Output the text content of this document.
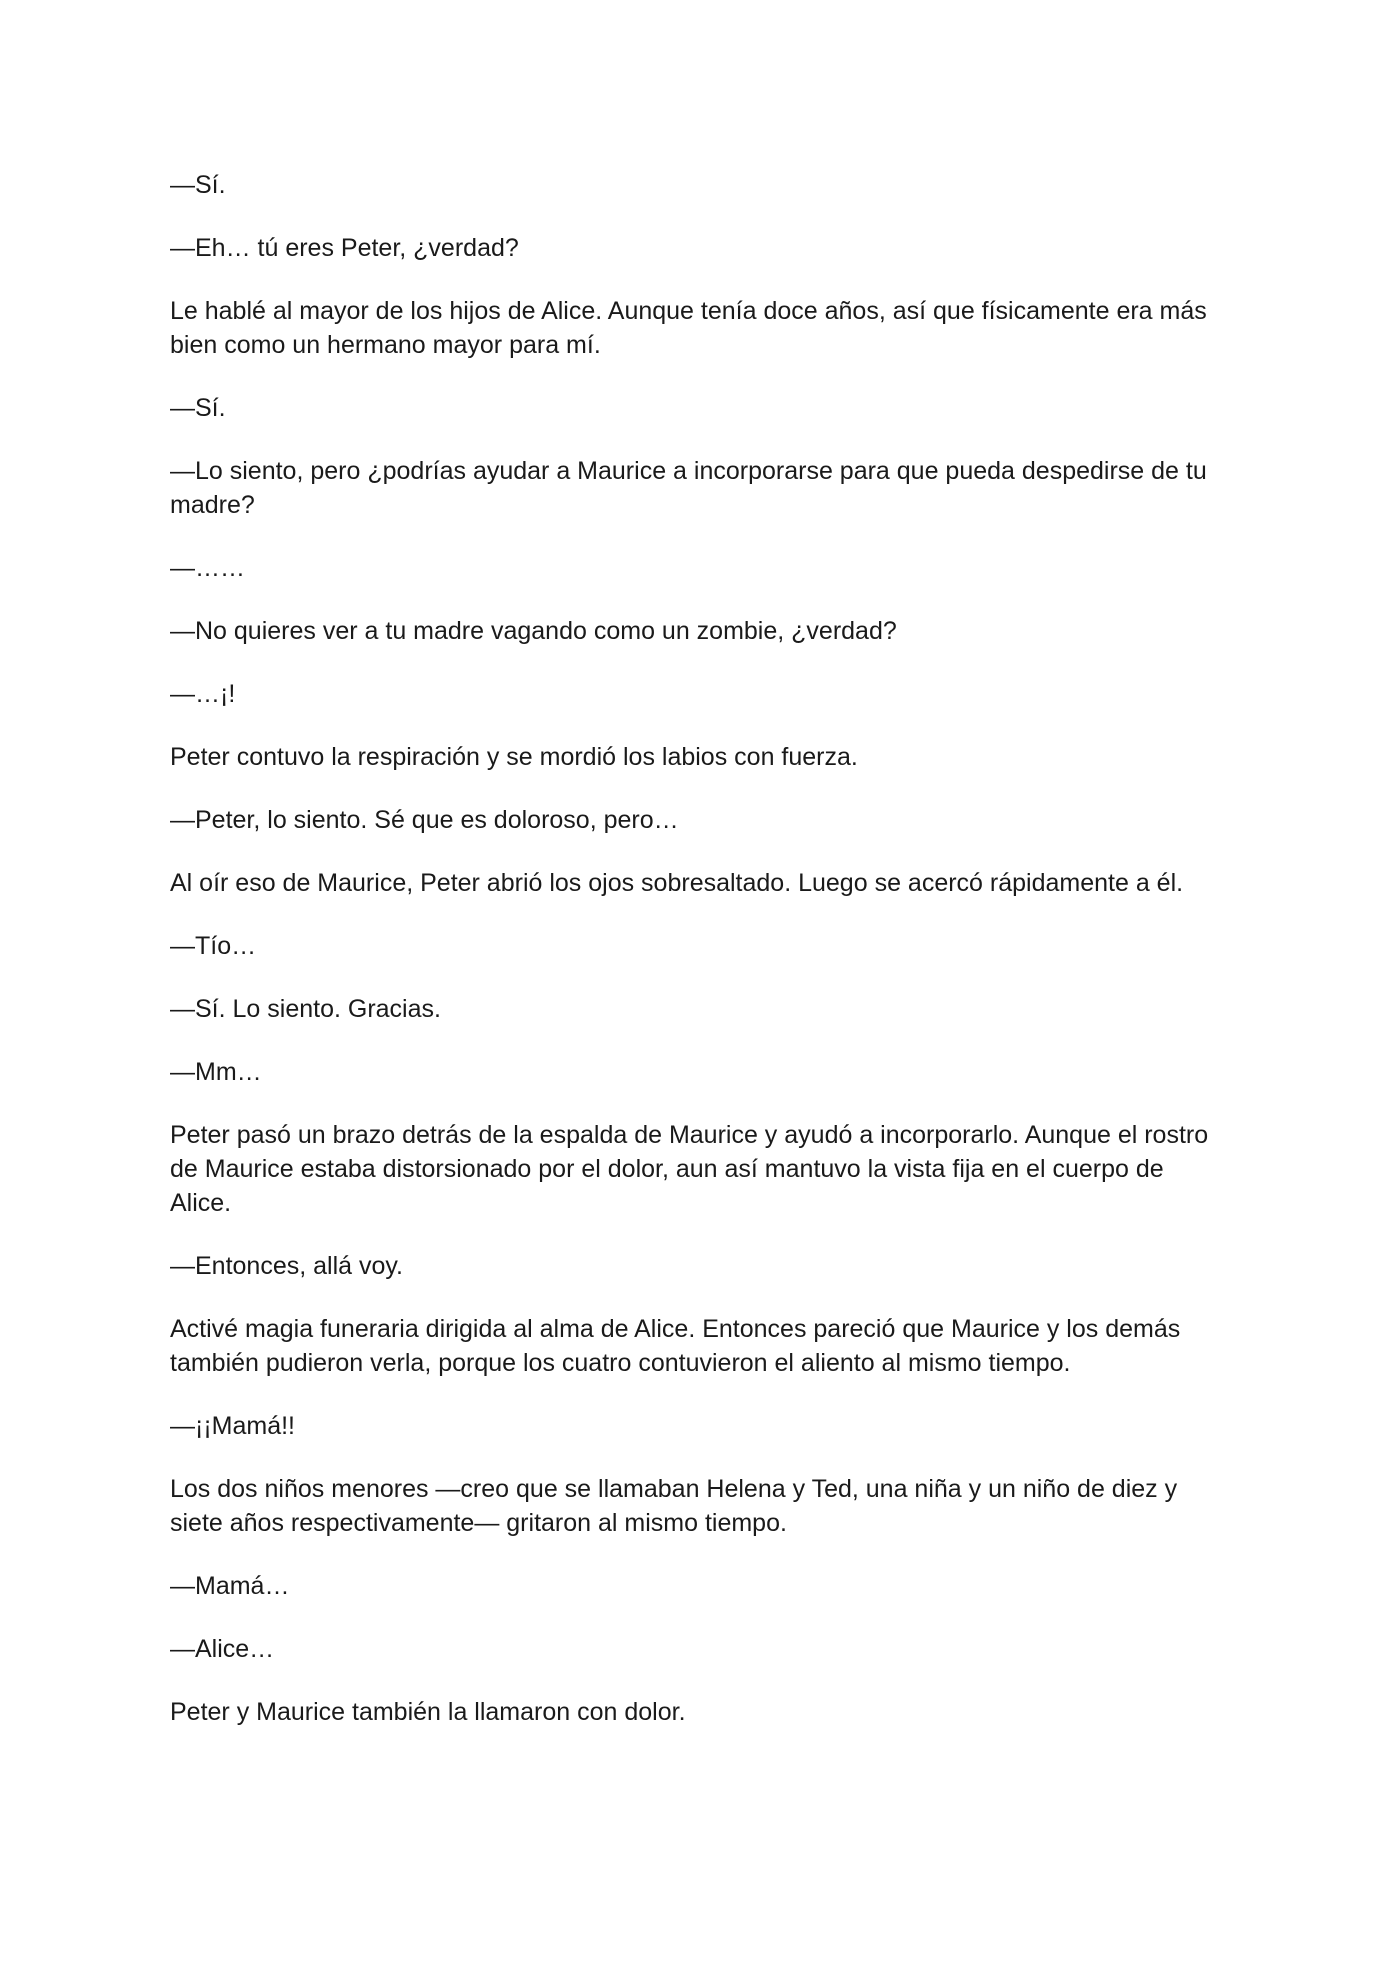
—Sí.

—Eh… tú eres Peter, ¿verdad?

Le hablé al mayor de los hijos de Alice. Aunque tenía doce años, así que físicamente era más bien como un hermano mayor para mí.

—Sí.

—Lo siento, pero ¿podrías ayudar a Maurice a incorporarse para que pueda despedirse de tu madre?

—……

—No quieres ver a tu madre vagando como un zombie, ¿verdad?

—…¡!

Peter contuvo la respiración y se mordió los labios con fuerza.

—Peter, lo siento. Sé que es doloroso, pero…

Al oír eso de Maurice, Peter abrió los ojos sobresaltado. Luego se acercó rápidamente a él.

—Tío…

—Sí. Lo siento. Gracias.

—Mm…

Peter pasó un brazo detrás de la espalda de Maurice y ayudó a incorporarlo. Aunque el rostro de Maurice estaba distorsionado por el dolor, aun así mantuvo la vista fija en el cuerpo de Alice.

—Entonces, allá voy.

Activé magia funeraria dirigida al alma de Alice. Entonces pareció que Maurice y los demás también pudieron verla, porque los cuatro contuvieron el aliento al mismo tiempo.

—¡¡Mamá!!

Los dos niños menores —creo que se llamaban Helena y Ted, una niña y un niño de diez y siete años respectivamente— gritaron al mismo tiempo.

—Mamá…

—Alice…

Peter y Maurice también la llamaron con dolor.
